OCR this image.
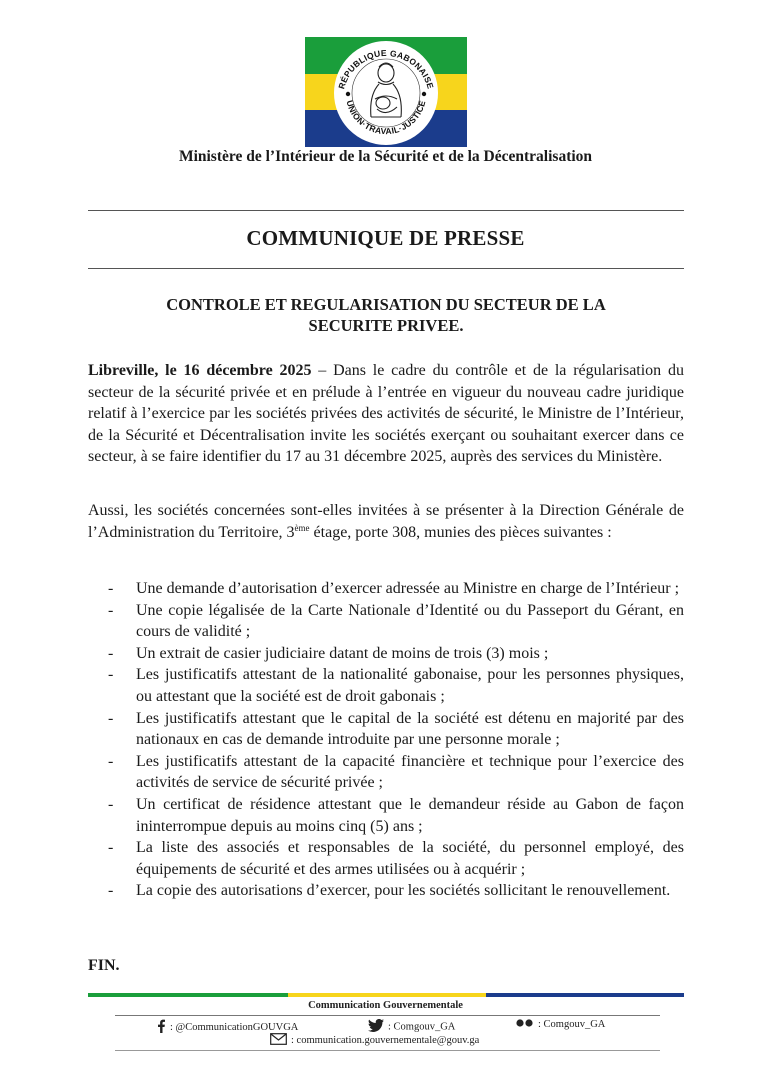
RÉPUBLIQUE GABONAISE
UNION·TRAVAIL·JUSTICE
Ministère de l’Intérieur de la Sécurité et de la Décentralisation
COMMUNIQUE DE PRESSE
CONTROLE ET REGULARISATION DU SECTEUR DE LA
SECURITE PRIVEE.

Libreville, le 16 décembre 2025 – Dans le cadre du contrôle et de la régularisation du secteur de la sécurité privée et en prélude à l’entrée en vigueur du nouveau cadre juridique relatif à l’exercice par les sociétés privées des activités de sécurité, le Ministre de l’Intérieur, de la Sécurité et Décentralisation invite les sociétés exerçant ou souhaitant exercer dans ce secteur, à se faire identifier du 17 au 31 décembre 2025, auprès des services du Ministère.

Aussi, les sociétés concernées sont-elles invitées à se présenter à la Direction Générale de l’Administration du Territoire, 3ème étage, porte 308, munies des pièces suivantes :

- Une demande d’autorisation d’exercer adressée au Ministre en charge de l’Intérieur ;
- Une copie légalisée de la Carte Nationale d’Identité ou du Passeport du Gérant, en cours de validité ;
- Un extrait de casier judiciaire datant de moins de trois (3) mois ;
- Les justificatifs attestant de la nationalité gabonaise, pour les personnes physiques, ou attestant que la société est de droit gabonais ;
- Les justificatifs attestant que le capital de la société est détenu en majorité par des nationaux en cas de demande introduite par une personne morale ;
- Les justificatifs attestant de la capacité financière et technique pour l’exercice des activités de service de sécurité privée ;
- Un certificat de résidence attestant que le demandeur réside au Gabon de façon ininterrompue depuis au moins cinq (5) ans ;
- La liste des associés et responsables de la société, du personnel employé, des équipements de sécurité et des armes utilisées ou à acquérir ;
- La copie des autorisations d’exercer, pour les sociétés sollicitant le renouvellement.
FIN.
Communication Gouvernementale
: @CommunicationGOUVGA	: Comgouv_GA	: Comgouv_GA
: communication.gouvernementale@gouv.ga
